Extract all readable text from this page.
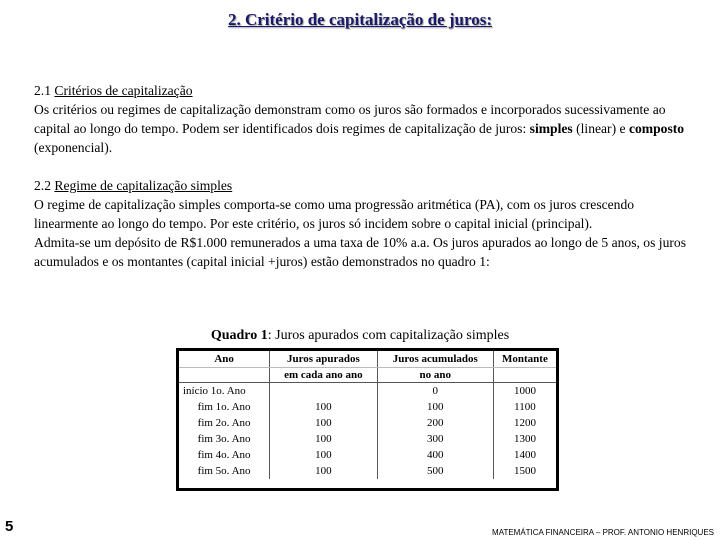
2. Critério de capitalização de juros:
2.1 Critérios de capitalização
Os critérios ou regimes de capitalização demonstram como os juros são formados e incorporados sucessivamente ao capital ao longo do tempo. Podem ser identificados dois regimes de capitalização de juros: simples (linear) e composto (exponencial).
2.2 Regime de capitalização simples
O regime de capitalização simples comporta-se como uma progressão aritmética (PA), com os juros crescendo linearmente ao longo do tempo. Por este critério, os juros só incidem sobre o capital inicial (principal).
Admita-se um depósito de R$1.000 remunerados a uma taxa de 10% a.a. Os juros apurados ao longo de 5 anos, os juros acumulados e os montantes (capital inicial +juros) estão demonstrados no quadro 1:
Quadro 1: Juros apurados com capitalização simples
Ano	Juros apurados	Juros acumulados	Montante
	em cada ano ano	no ano	
início 1o. Ano		0	1000
fim 1o. Ano	100	100	1100
fim 2o. Ano	100	200	1200
fim 3o. Ano	100	300	1300
fim 4o. Ano	100	400	1400
fim 5o. Ano	100	500	1500
5	MATEMÁTICA FINANCEIRA – PROF. ANTONIO HENRIQUES
